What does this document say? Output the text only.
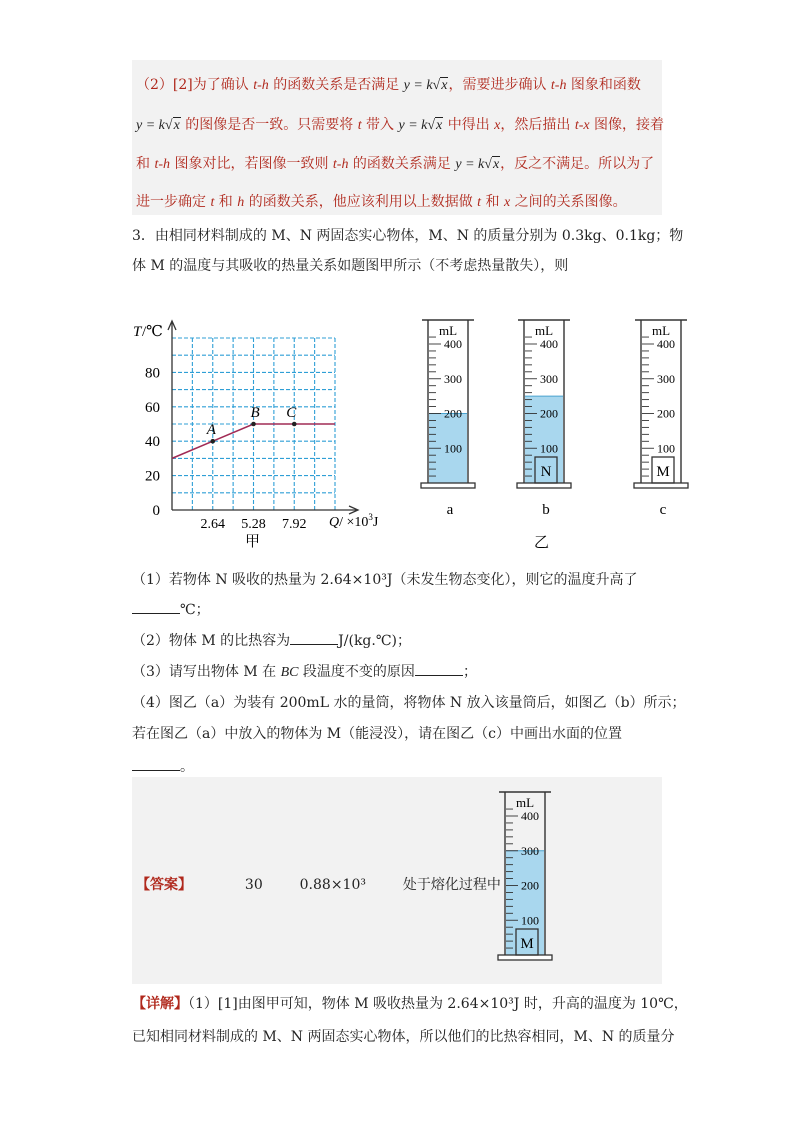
（2）[2]为了确认 t-h 的函数关系是否满足 y = k√x，需要进步确认 t-h 图象和函数
y = k√x 的图像是否一致。只需要将 t 带入 y = k√x 中得出 x，然后描出 t-x 图像，接着
和 t-h 图象对比，若图像一致则 t-h 的函数关系满足 y = k√x，反之不满足。所以为了
进一步确定 t 和 h 的函数关系，他应该利用以上数据做 t 和 x 之间的关系图像。
3．由相同材料制成的 M、N 两固态实心物体，M、N 的质量分别为 0.3kg、0.1kg；物
体 M 的温度与其吸收的热量关系如题图甲所示（不考虑热量散失），则
T /℃
$Q/ \times 10^3J$
0
20
40
60
80
2.64 5.28 7.92
A
B C
甲
mL
400
300
200
100
a
mL
400
300
200
100
N
b
mL
400
300
200
100
M
c
乙
（1）若物体 N 吸收的热量为 2.64×10³J（未发生物态变化），则它的温度升高了
℃；
（2）物体 M 的比热容为	J/(kg.℃)；
（3）请写出物体 M 在 BC 段温度不变的原因	；
（4）图乙（a）为装有 200mL 水的量筒，将物体 N 放入该量筒后，如图乙（b）所示；
若在图乙（a）中放入的物体为 M（能浸没），请在图乙（c）中画出水面的位置
。
【答案】	30	0.88×10³	处于熔化过程中
mL
400
300
200
100
M
【详解】（1）[1]由图甲可知，物体 M 吸收热量为 2.64×10³J 时，升高的温度为 10℃，
已知相同材料制成的 M、N 两固态实心物体，所以他们的比热容相同，M、N 的质量分
